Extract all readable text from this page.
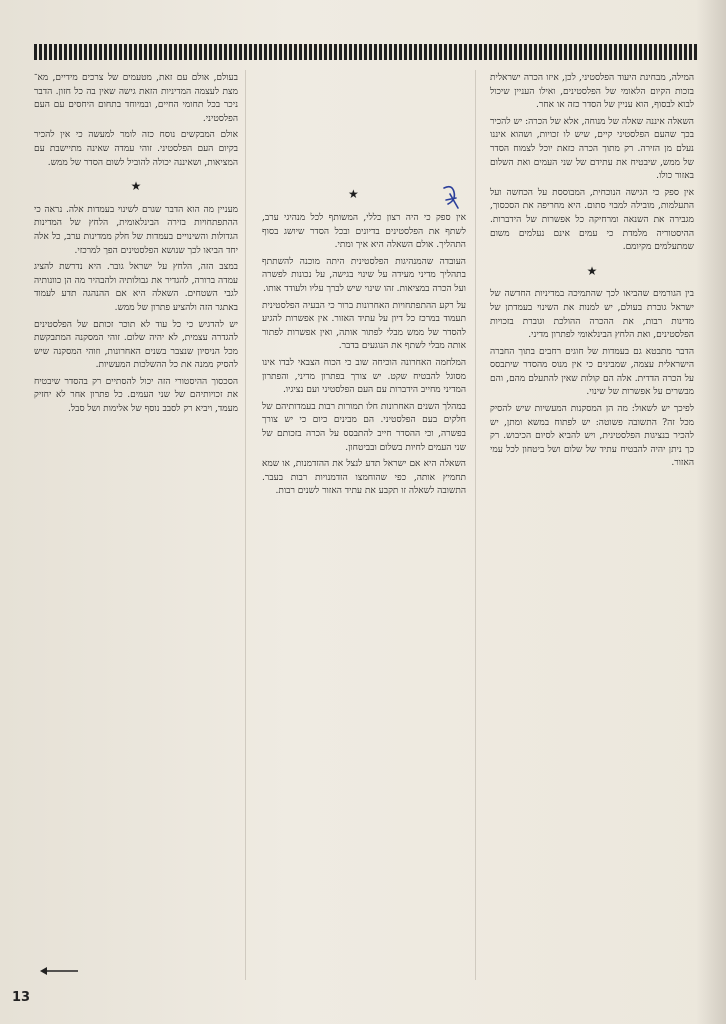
המילה, מבחינת היעוד הפלסטיני, לכן, איזו הכרה ישראלית בזכות הקיום הלאומי של הפלסטינים, ואילו העניין שיכול לבוא לבסוף, הוא עניין של הסדר כזה או אחר.

השאלה איננה שאלה של מנוחה, אלא של הכרה: יש להכיר בכך שהעם הפלסטיני קיים, שיש לו זכויות, ושהוא איננו נעלם מן הזירה. רק מתוך הכרה כזאת יוכל לצמוח הסדר של ממש, שיבטיח את עתידם של שני העמים ואת השלום באזור כולו.

אין ספק כי הגישה הנוכחית, המבוססת על הכחשה ועל התעלמות, מובילה למבוי סתום. היא מחריפה את הסכסוך, מגבירה את השנאה ומרחיקה כל אפשרות של הידברות. ההיסטוריה מלמדת כי עמים אינם נעלמים משום שמתעלמים מקיומם.

★

בין הגורמים שהביאו לכך שהתמיכה במדיניות החדשה של ישראל גוברת בעולם, יש למנות את השינוי בעמדתן של מדינות רבות, את ההכרה ההולכת וגוברת בזכויות הפלסטינים, ואת הלחץ הבינלאומי לפתרון מדיני.

הדבר מתבטא גם בעמדות של חוגים רחבים בתוך החברה הישראלית עצמה, שמבינים כי אין מנוס מהסדר שיתבסס על הכרה הדדית. אלה הם קולות שאין להתעלם מהם, והם מבשרים על אפשרות של שינוי.

לפיכך יש לשאול: מה הן המסקנות המעשיות שיש להסיק מכל זה? התשובה פשוטה: יש לפתוח במשא ומתן, יש להכיר בנציגות הפלסטינית, ויש להביא לסיום הכיבוש. רק כך ניתן יהיה להבטיח עתיד של שלום ושל ביטחון לכל עמי האזור.

★

אין ספק כי היה רצון כללי, המשותף לכל מנהיגי ערב, לשתף את הפלסטינים בדיונים ובכל הסדר שיושג בסוף התהליך. אולם השאלה היא איך ומתי.

העובדה שהמנהיגות הפלסטינית היתה מוכנה להשתתף בתהליך מדיני מעידה על שינוי בגישה, על נכונות לפשרה ועל הכרה במציאות. זהו שינוי שיש לברך עליו ולעודד אותו.

על רקע ההתפתחויות האחרונות ברור כי הבעיה הפלסטינית תעמוד במרכז כל דיון על עתיד האזור. אין אפשרות להגיע להסדר של ממש מבלי לפתור אותה, ואין אפשרות לפתור אותה מבלי לשתף את הנוגעים בדבר.

המלחמה האחרונה הוכיחה שוב כי הכוח הצבאי לבדו אינו מסוגל להבטיח שקט. יש צורך בפתרון מדיני, והפתרון המדיני מחייב הידברות עם העם הפלסטיני ועם נציגיו.

במהלך השנים האחרונות חלו תמורות רבות בעמדותיהם של חלקים בעם הפלסטיני. הם מבינים כיום כי יש צורך בפשרה, וכי ההסדר חייב להתבסס על הכרה בזכותם של שני העמים לחיות בשלום ובביטחון.

השאלה היא אם ישראל תדע לנצל את ההזדמנות, או שמא תחמיץ אותה, כפי שהוחמצו הזדמנויות רבות בעבר. התשובה לשאלה זו תקבע את עתיד האזור לשנים רבות.

בעולם, אולם עם זאת, מטעמים של צרכים מידיים, מא־ מצת לעצמה המדיניות הזאת גישה שאין בה כל חזון. הדבר ניכר בכל תחומי החיים, ובמיוחד בתחום היחסים עם העם הפלסטיני.

אולם המבקשים נוסח כזה לומר למעשה כי אין להכיר בקיום העם הפלסטיני. זוהי עמדה שאינה מתיישבת עם המציאות, ושאיננה יכולה להוביל לשום הסדר של ממש.

★

מעניין מה הוא הדבר שגרם לשינוי בעמדות אלה. נראה כי ההתפתחויות בזירה הבינלאומית, הלחץ של המדינות הגדולות והשינויים בעמדות של חלק ממדינות ערב, כל אלה יחד הביאו לכך שנושא הפלסטינים הפך למרכזי.

במצב הזה, הלחץ על ישראל גובר. היא נדרשת להציג עמדה ברורה, להגדיר את גבולותיה ולהבהיר מה הן כוונותיה לגבי השטחים. השאלה היא אם ההנהגה תדע לעמוד באתגר הזה ולהציע פתרון של ממש.

יש להדגיש כי כל עוד לא תוכר זכותם של הפלסטינים להגדרה עצמית, לא יהיה שלום. זוהי המסקנה המתבקשת מכל הניסיון שנצבר בשנים האחרונות, וזוהי המסקנה שיש להסיק ממנה את כל ההשלכות המעשיות.

הסכסוך ההיסטורי הזה יכול להסתיים רק בהסדר שיבטיח את זכויותיהם של שני העמים. כל פתרון אחר לא יחזיק מעמד, ויביא רק לסבב נוסף של אלימות ושל סבל.

13
